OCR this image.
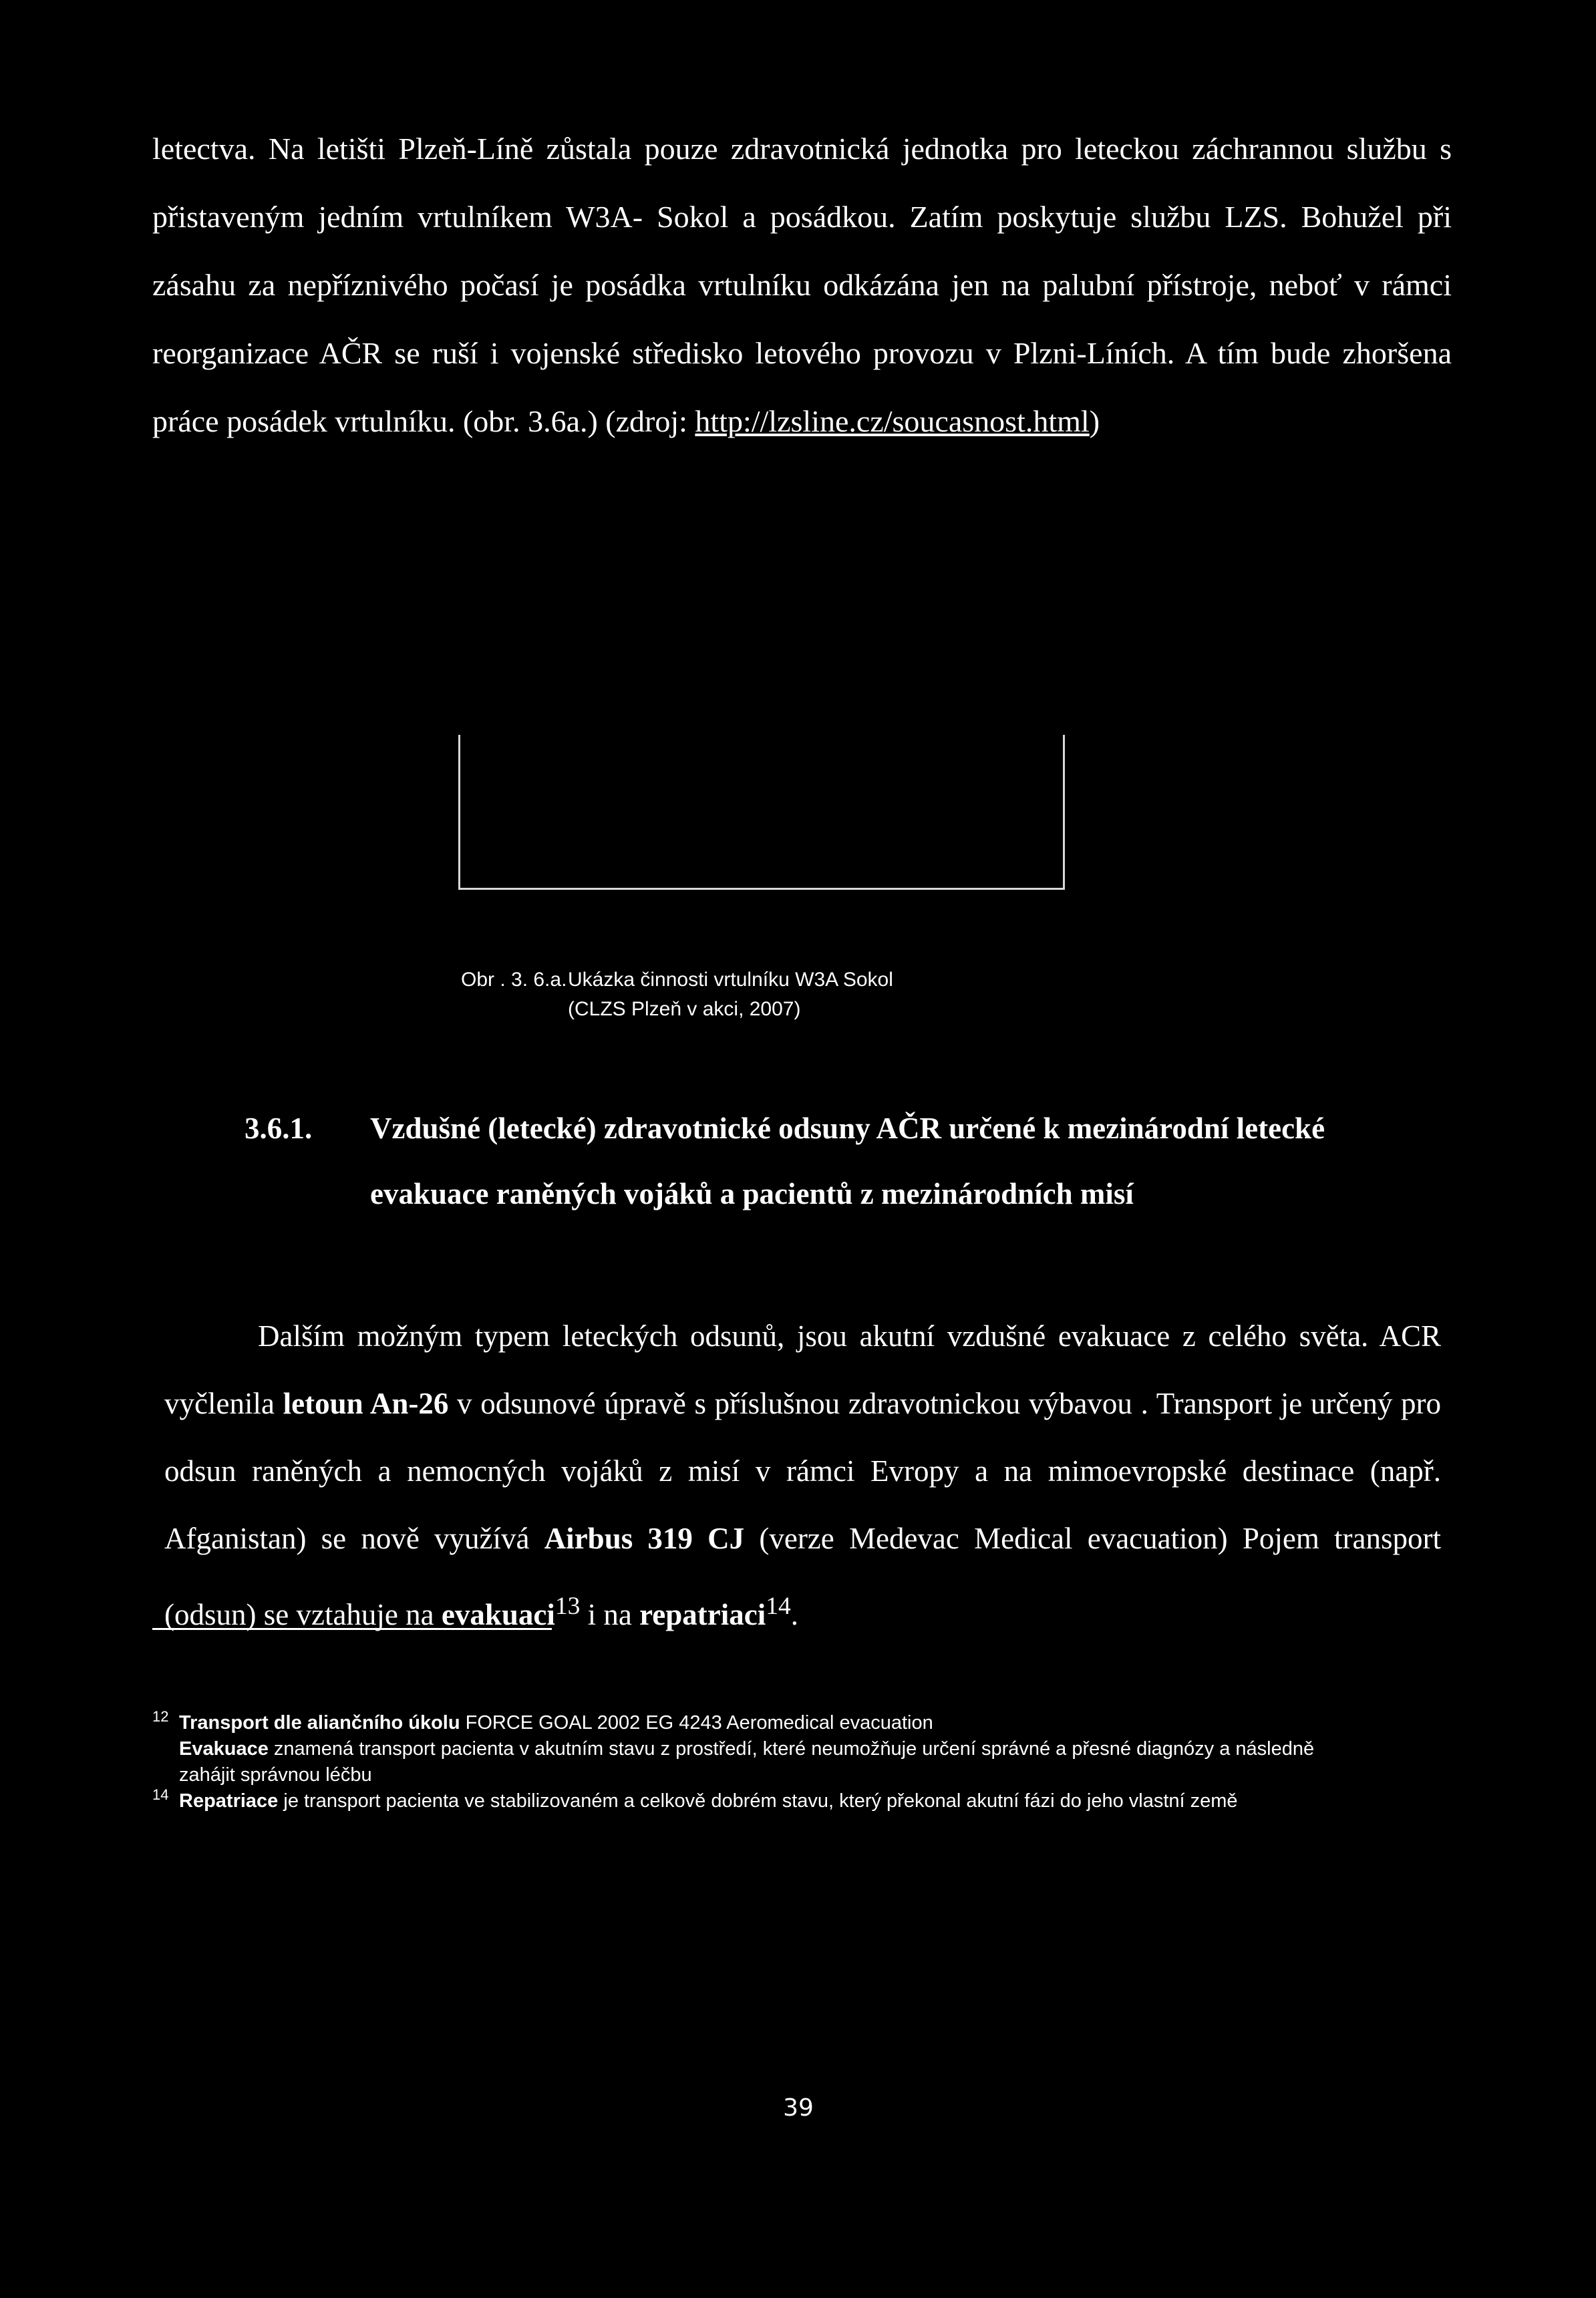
letectva. Na letišti Plzeň-Líně zůstala pouze zdravotnická jednotka pro leteckou záchrannou službu s přistaveným jedním vrtulníkem W3A- Sokol a posádkou. Zatím poskytuje službu LZS. Bohužel při zásahu za nepříznivého počasí je posádka vrtulníku odkázána jen na palubní přístroje, neboť v rámci reorganizace AČR se ruší i vojenské středisko letového provozu v Plzni-Líních. A tím bude zhoršena práce posádek vrtulníku. (obr. 3.6a.) (zdroj: http://lzsline.cz/soucasnost.html)

Obr . 3. 6.a.Ukázka činnosti vrtulníku W3A Sokol
(CLZS Plzeň v akci, 2007)
3.6.1. Vzdušné (letecké) zdravotnické odsuny AČR určené k mezinárodní letecké evakuace raněných vojáků a pacientů z mezinárodních misí

Dalším možným typem leteckých odsunů, jsou akutní vzdušné evakuace z celého světa. ACR vyčlenila letoun An-26 v odsunové úpravě s příslušnou zdravotnickou výbavou . Transport je určený pro odsun raněných a nemocných vojáků z misí v rámci Evropy a na mimoevropské destinace (např. Afganistan) se nově využívá Airbus 319 CJ (verze Medevac Medical evacuation) Pojem transport (odsun) se vztahuje na evakuaci$^{13}$ i na repatriaci$^{14}$.

12 Transport dle aliančního úkolu FORCE GOAL 2002 EG 4243 Aeromedical evacuation

Evakuace znamená transport pacienta v akutním stavu z prostředí, které neumožňuje určení správné a přesné diagnózy a následně zahájit správnou léčbu

14 Repatriace je transport pacienta ve stabilizovaném a celkově dobrém stavu, který překonal akutní fázi do jeho vlastní země

39
